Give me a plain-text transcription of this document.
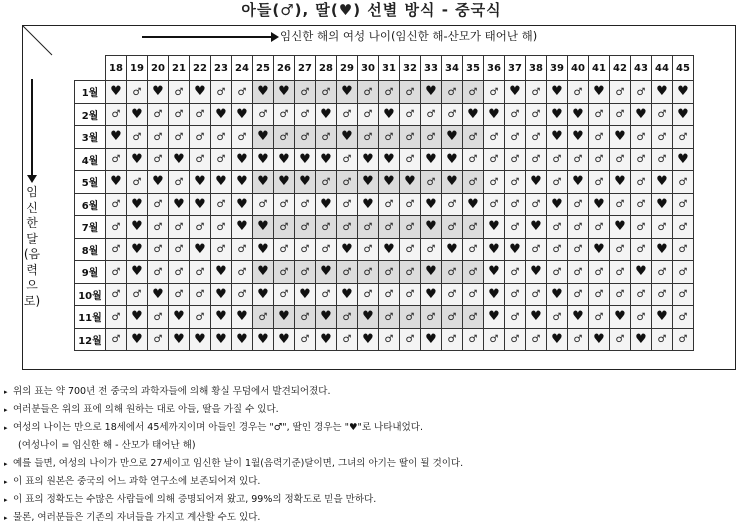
아들(♂), 딸(♥) 선별 방식 - 중국식
임신한 해의 여성 나이(임신한 해-산모가 태어난 해)
임신한달(음력으로)
	18	19	20	21	22	23	24	25	26	27	28	29	30	31	32	33	34	35	36	37	38	39	40	41	42	43	44	45
1월	♥	♂	♥	♂	♥	♂	♂	♥	♥	♂	♂	♥	♂	♂	♂	♥	♂	♂	♂	♥	♂	♥	♂	♥	♂	♂	♥	♥
2월	♂	♥	♂	♂	♂	♥	♥	♂	♂	♂	♥	♂	♂	♥	♂	♂	♂	♥	♥	♂	♂	♥	♥	♂	♂	♥	♂	♥
3월	♥	♂	♂	♂	♂	♂	♂	♥	♂	♂	♂	♥	♂	♂	♂	♂	♥	♂	♂	♂	♂	♥	♥	♂	♥	♂	♂	♂
4월	♂	♥	♂	♥	♂	♂	♥	♥	♥	♥	♥	♂	♥	♥	♂	♥	♥	♂	♂	♂	♂	♂	♂	♂	♂	♂	♂	♥
5월	♥	♂	♥	♂	♥	♥	♥	♥	♥	♥	♂	♂	♥	♥	♥	♂	♥	♂	♂	♂	♥	♂	♥	♂	♥	♂	♥	♂
6월	♂	♥	♂	♥	♥	♂	♥	♂	♂	♂	♥	♂	♥	♂	♂	♥	♂	♥	♂	♂	♂	♥	♂	♥	♂	♂	♥	♂
7월	♂	♥	♂	♂	♂	♂	♥	♥	♂	♂	♂	♂	♂	♂	♂	♥	♂	♂	♥	♂	♥	♂	♂	♂	♥	♂	♂	♂
8월	♂	♥	♂	♂	♥	♂	♂	♥	♂	♂	♂	♥	♂	♥	♂	♂	♥	♂	♥	♥	♂	♂	♂	♥	♂	♂	♥	♂
9월	♂	♥	♂	♂	♂	♥	♂	♥	♂	♂	♥	♂	♂	♂	♂	♥	♂	♂	♥	♂	♥	♂	♂	♂	♂	♥	♂	♂
10월	♂	♂	♥	♂	♂	♥	♂	♥	♂	♥	♂	♥	♂	♂	♂	♥	♂	♂	♥	♂	♂	♥	♂	♂	♂	♂	♂	♂
11월	♂	♥	♂	♥	♂	♥	♥	♂	♥	♂	♥	♂	♥	♂	♂	♂	♂	♂	♥	♂	♥	♂	♥	♂	♥	♂	♥	♂
12월	♂	♥	♂	♥	♥	♥	♥	♥	♥	♂	♥	♂	♥	♂	♂	♥	♂	♂	♂	♂	♂	♥	♂	♥	♂	♥	♂	♂
▸ 위의 표는 약 700년 전 중국의 과학자들에 의해 황실 무덤에서 발견되어졌다.
▸ 여러분들은 위의 표에 의해 원하는 대로 아들, 딸을 가질 수 있다.
▸ 여성의 나이는 만으로 18세에서 45세까지이며 아들인 경우는 "♂", 딸인 경우는 "♥"로 나타내었다.
(여성나이 = 임신한 해 - 산모가 태어난 해)
▸ 예를 들면, 여성의 나이가 만으로 27세이고 임신한 날이 1월(음력기준)달이면, 그녀의 아기는 딸이 될 것이다.
▸ 이 표의 원본은 중국의 어느 과학 연구소에 보존되어져 있다.
▸ 이 표의 정확도는 수많은 사람들에 의해 증명되어져 왔고, 99%의 정확도로 믿을 만하다.
▸ 물론, 여러분들은 기존의 자녀들을 가지고 계산할 수도 있다.
